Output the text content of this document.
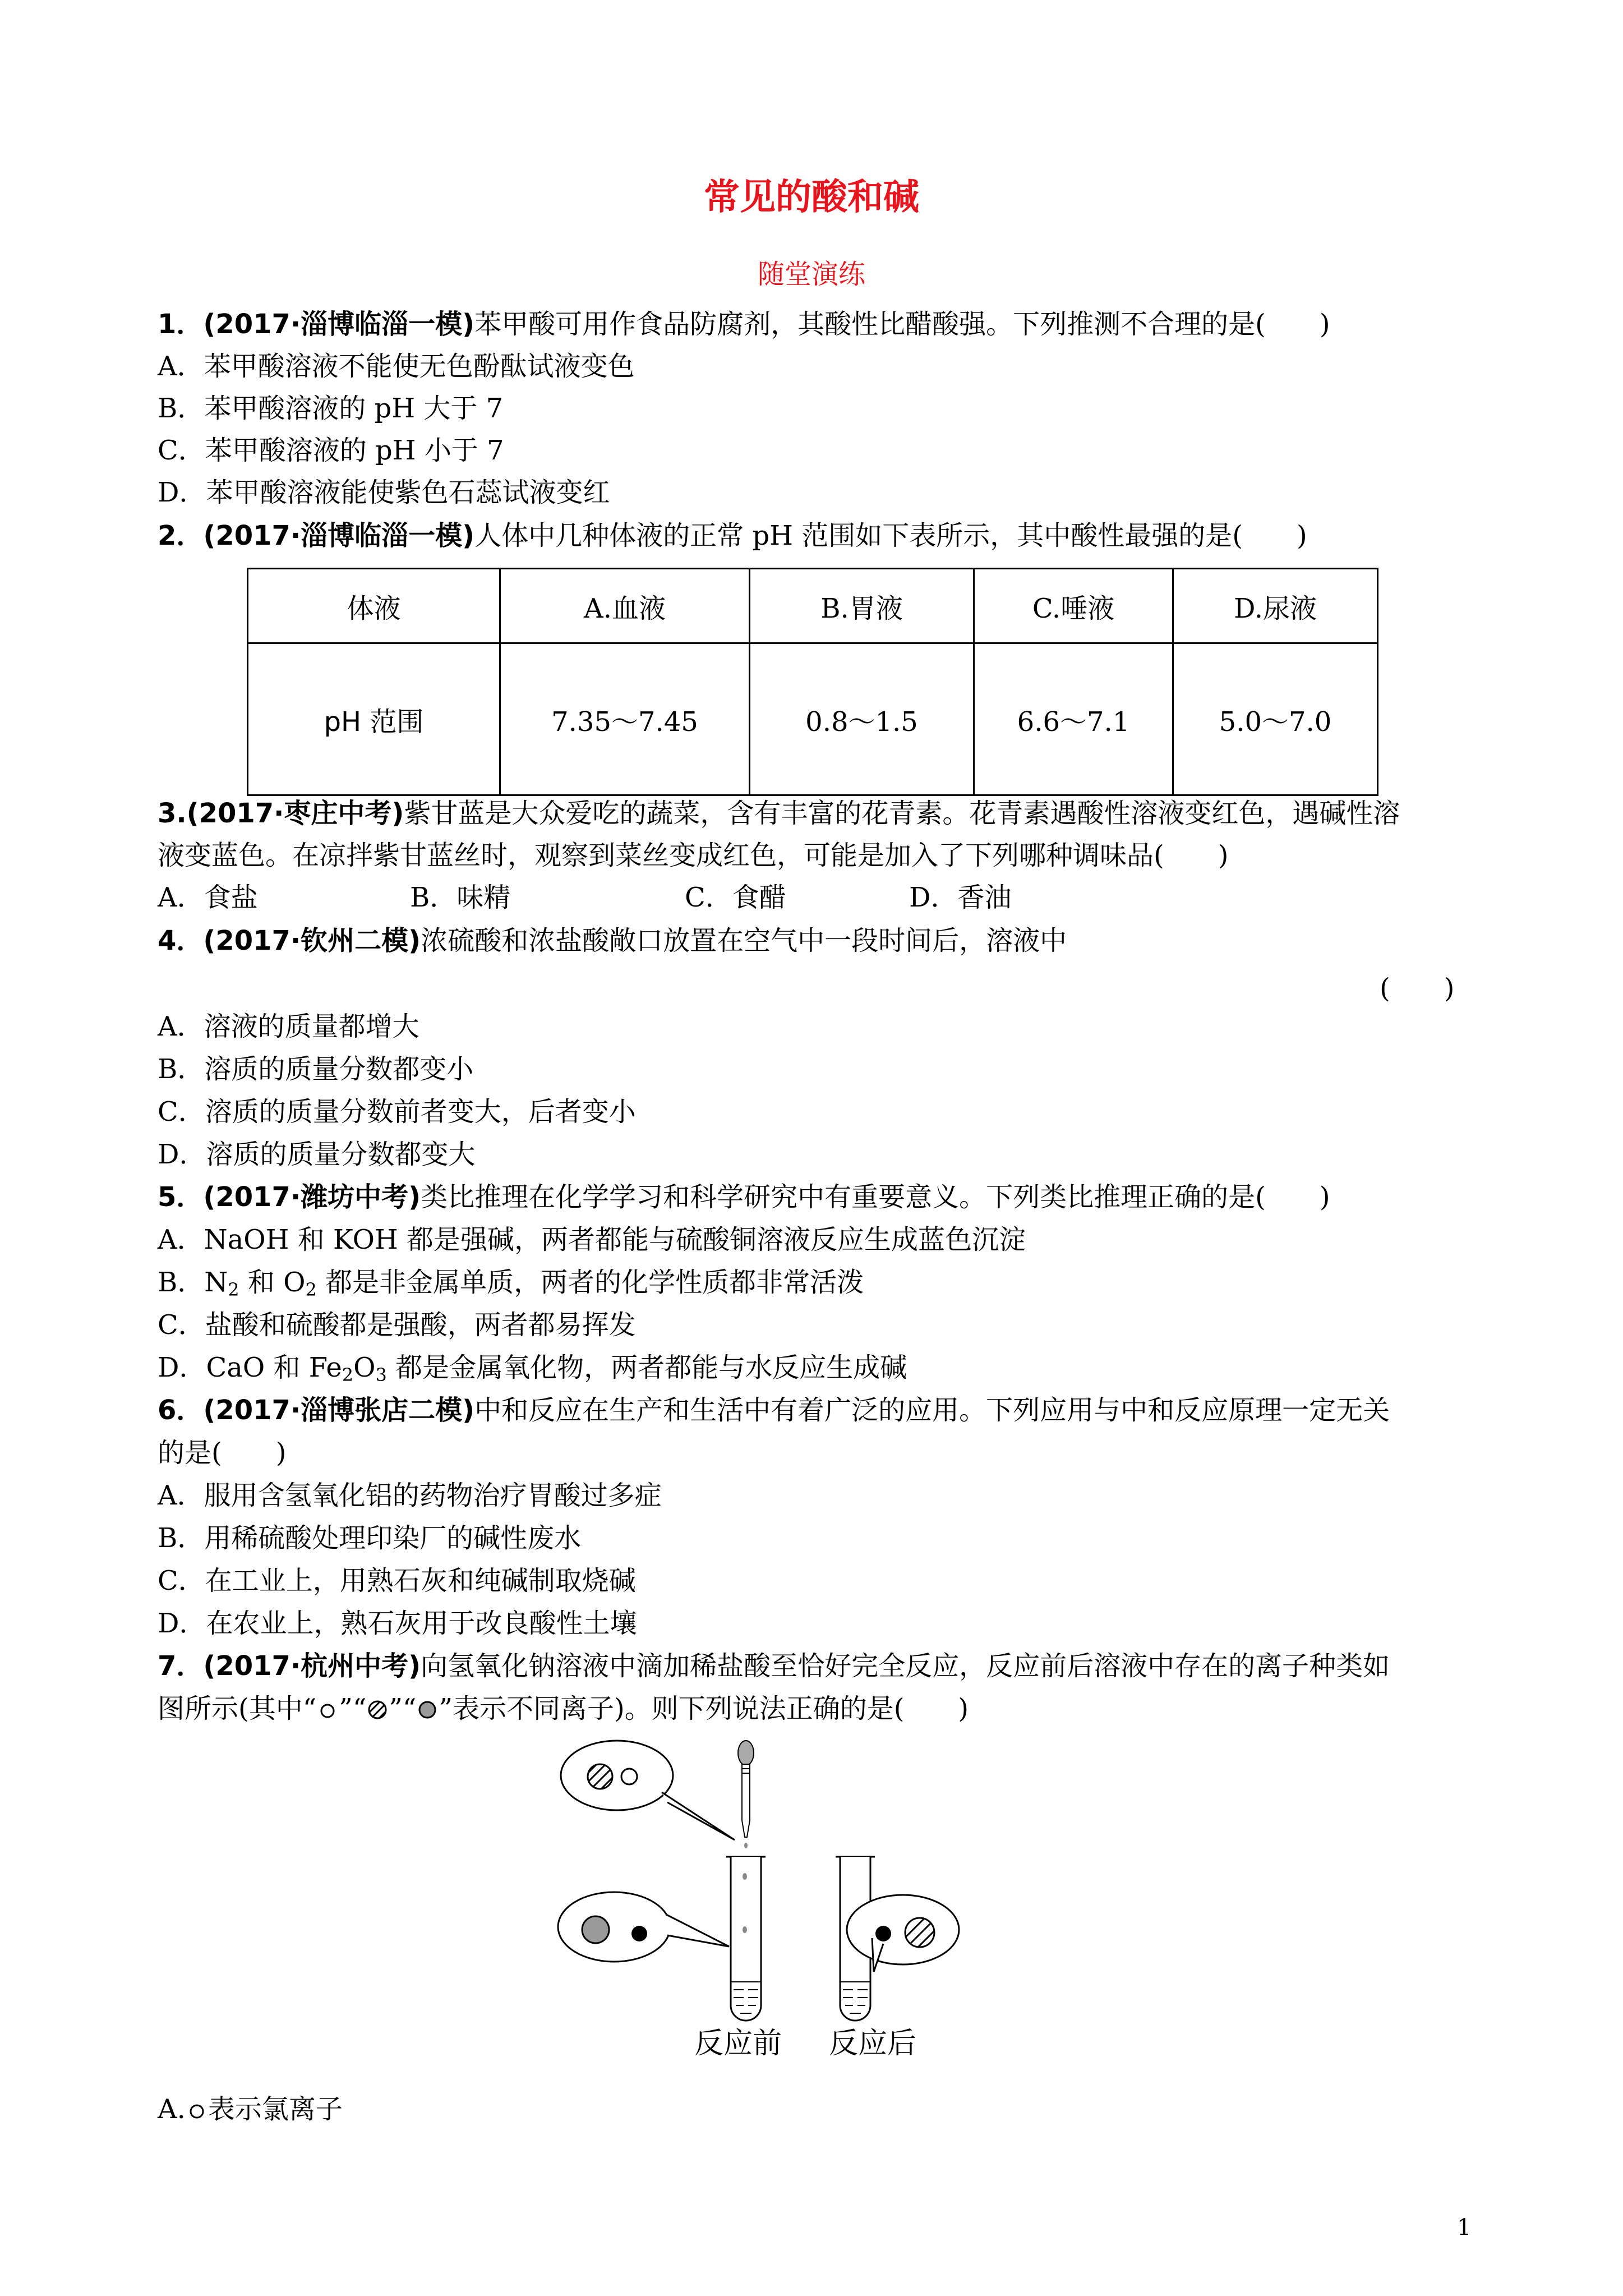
常见的酸和碱
随堂演练
1．(2017·淄博临淄一模)苯甲酸可用作食品防腐剂，其酸性比醋酸强。下列推测不合理的是(　　)
A．苯甲酸溶液不能使无色酚酞试液变色
B．苯甲酸溶液的 pH 大于 7
C．苯甲酸溶液的 pH 小于 7
D．苯甲酸溶液能使紫色石蕊试液变红
2．(2017·淄博临淄一模)人体中几种体液的正常 pH 范围如下表所示，其中酸性最强的是(　　)
体液	A.血液	B.胃液	C.唾液	D.尿液
pH 范围	7.35～7.45	0.8～1.5	6.6～7.1	5.0～7.0
3.(2017·枣庄中考)紫甘蓝是大众爱吃的蔬菜，含有丰富的花青素。花青素遇酸性溶液变红色，遇碱性溶
液变蓝色。在凉拌紫甘蓝丝时，观察到菜丝变成红色，可能是加入了下列哪种调味品(　　)
A．食盐	B．味精	C．食醋	D．香油
4．(2017·钦州二模)浓硫酸和浓盐酸敞口放置在空气中一段时间后，溶液中
(　　)
A．溶液的质量都增大
B．溶质的质量分数都变小
C．溶质的质量分数前者变大，后者变小
D．溶质的质量分数都变大
5．(2017·潍坊中考)类比推理在化学学习和科学研究中有重要意义。下列类比推理正确的是(　　)
A．NaOH 和 KOH 都是强碱，两者都能与硫酸铜溶液反应生成蓝色沉淀
B．$N_2$ 和 $O_2$ 都是非金属单质，两者的化学性质都非常活泼
C．盐酸和硫酸都是强酸，两者都易挥发
D．CaO 和 $Fe_2O_3$ 都是金属氧化物，两者都能与水反应生成碱
6．(2017·淄博张店二模)中和反应在生产和生活中有着广泛的应用。下列应用与中和反应原理一定无关
的是(　　)
A．服用含氢氧化铝的药物治疗胃酸过多症
B．用稀硫酸处理印染厂的碱性废水
C．在工业上，用熟石灰和纯碱制取烧碱
D．在农业上，熟石灰用于改良酸性土壤
7．(2017·杭州中考)向氢氧化钠溶液中滴加稀盐酸至恰好完全反应，反应前后溶液中存在的离子种类如
图所示(其中“ ”“ ”“ ”表示不同离子)。则下列说法正确的是(　　)
反应前 反应后
A. 表示氯离子
1
